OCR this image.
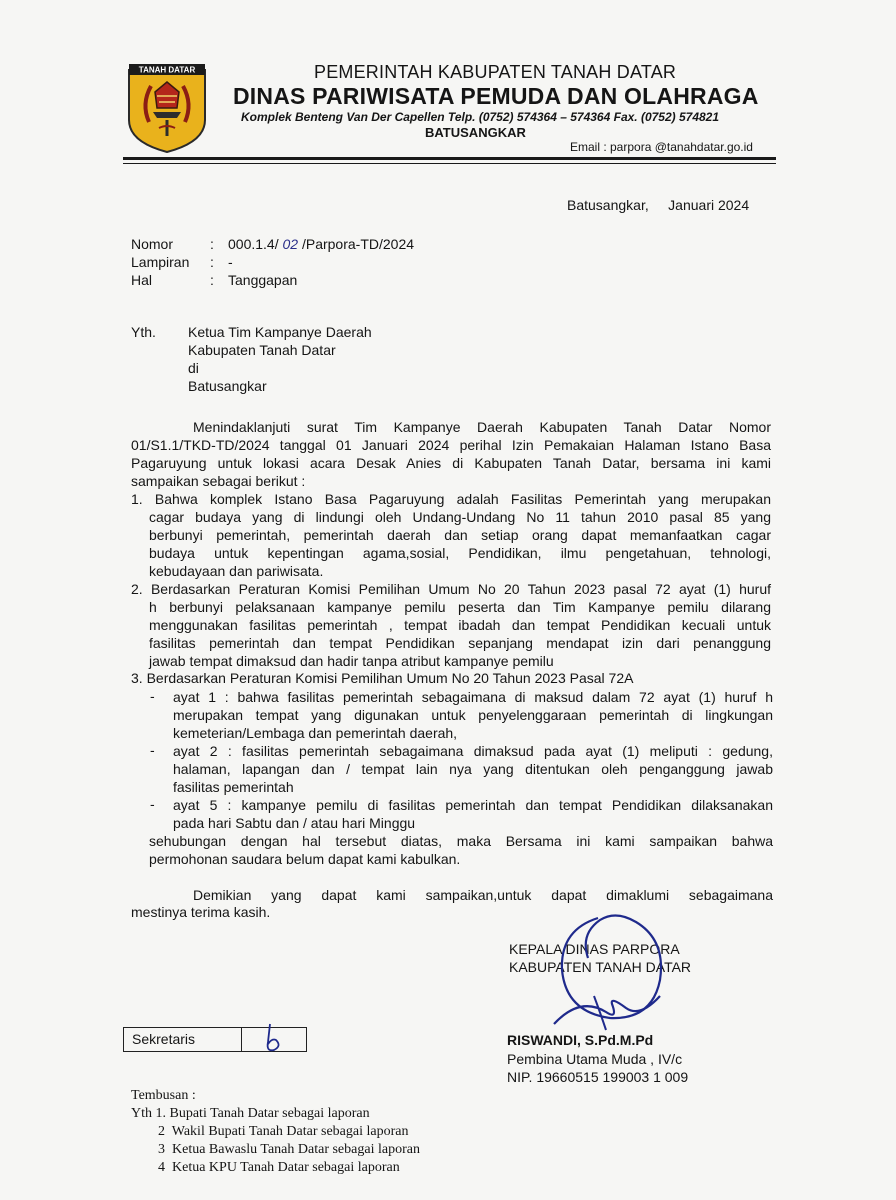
TANAH DATAR	PEMERINTAH KABUPATEN TANAH DATAR
DINAS PARIWISATA PEMUDA DAN OLAHRAGA
Komplek Benteng Van Der Capellen Telp. (0752) 574364 – 574364 Fax. (0752) 574821
BATUSANGKAR
Email : parpora @tanahdatar.go.id
Batusangkar,     Januari 2024
Nomor	: 000.1.4/ 02 /Parpora-TD/2024
Lampiran : -
Hal	: Tanggapan
Yth. Ketua Tim Kampanye Daerah
Kabupaten Tanah Datar
di
Batusangkar
Menindaklanjuti surat Tim Kampanye Daerah Kabupaten Tanah Datar Nomor
01/S1.1/TKD-TD/2024 tanggal 01 Januari 2024 perihal Izin Pemakaian Halaman Istano Basa
Pagaruyung untuk lokasi acara Desak Anies di Kabupaten Tanah Datar, bersama ini kami
sampaikan sebagai berikut :
1. Bahwa komplek Istano Basa Pagaruyung adalah Fasilitas Pemerintah yang merupakan
cagar budaya yang di lindungi oleh Undang-Undang No 11 tahun 2010 pasal 85 yang
berbunyi pemerintah, pemerintah daerah dan setiap orang dapat memanfaatkan cagar
budaya untuk kepentingan agama,sosial, Pendidikan, ilmu pengetahuan, tehnologi,
kebudayaan dan pariwisata.
2. Berdasarkan Peraturan Komisi Pemilihan Umum No 20 Tahun 2023 pasal 72 ayat (1) huruf
h berbunyi pelaksanaan kampanye pemilu peserta dan Tim Kampanye pemilu dilarang
menggunakan fasilitas pemerintah , tempat ibadah dan tempat Pendidikan kecuali untuk
fasilitas pemerintah dan tempat Pendidikan sepanjang mendapat izin dari penanggung
jawab tempat dimaksud dan hadir tanpa atribut kampanye pemilu
3. Berdasarkan Peraturan Komisi Pemilihan Umum No 20 Tahun 2023 Pasal 72A
- ayat 1 : bahwa fasilitas pemerintah sebagaimana di maksud dalam 72 ayat (1) huruf h
merupakan tempat yang digunakan untuk penyelenggaraan pemerintah di lingkungan
kemeterian/Lembaga dan pemerintah daerah,
- ayat 2 : fasilitas pemerintah sebagaimana dimaksud pada ayat (1) meliputi : gedung,
halaman, lapangan dan / tempat lain nya yang ditentukan oleh penganggung jawab
fasilitas pemerintah
- ayat 5 : kampanye pemilu di fasilitas pemerintah dan tempat Pendidikan dilaksanakan
pada hari Sabtu dan / atau hari Minggu
sehubungan dengan hal tersebut diatas, maka Bersama ini kami sampaikan bahwa
permohonan saudara belum dapat kami kabulkan.
Demikian yang dapat kami sampaikan,untuk dapat dimaklumi sebagaimana
mestinya terima kasih.
KEPALA DINAS PARPORA
KABUPATEN TANAH DATAR
RISWANDI, S.Pd.M.Pd
Pembina Utama Muda , IV/c
NIP. 19660515 199003 1 009
Sekretaris
Tembusan :
Yth 1. Bupati Tanah Datar sebagai laporan
2  Wakil Bupati Tanah Datar sebagai laporan
3  Ketua Bawaslu Tanah Datar sebagai laporan
4  Ketua KPU Tanah Datar sebagai laporan
